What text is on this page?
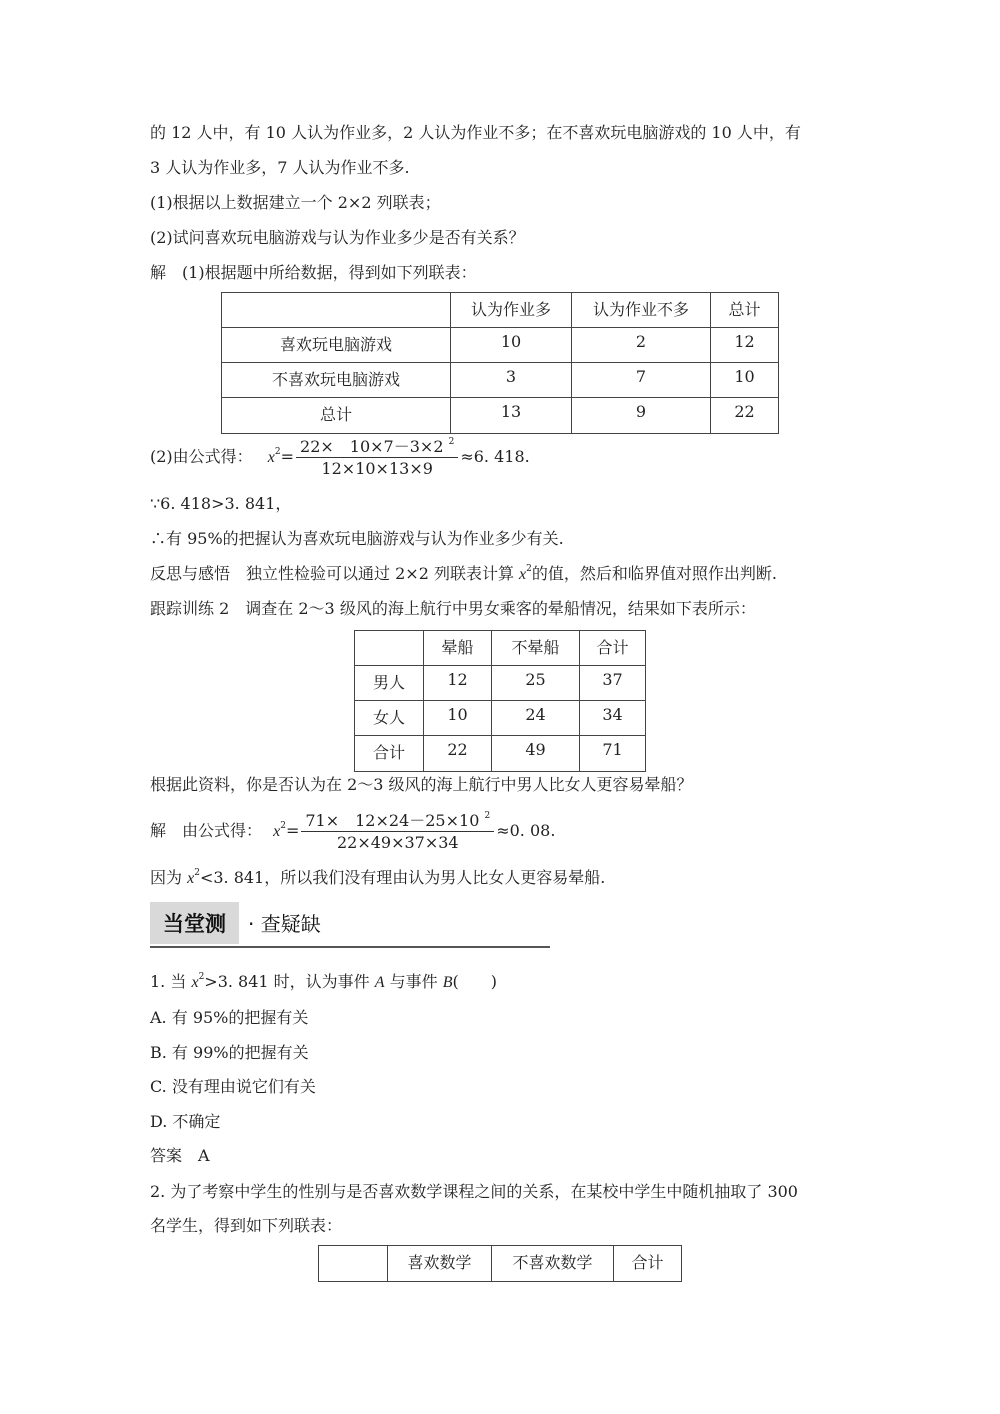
的 12 人中，有 10 人认为作业多，2 人认为作业不多；在不喜欢玩电脑游戏的 10 人中，有
3 人认为作业多，7 人认为作业不多.
(1)根据以上数据建立一个 2×2 列联表；
(2)试问喜欢玩电脑游戏与认为作业多少是否有关系？
解　(1)根据题中所给数据，得到如下列联表：
	认为作业多	认为作业不多	总计
喜欢玩电脑游戏	10	2	12
不喜欢玩电脑游戏	3	7	10
总计	13	9	22
(2)由公式得： $x^2= \frac{22\times 10\times 7-3\times 2 ^2}{12\times 10\times 13\times 9} \approx 6$. 418.
∵6. 418>3. 841，
∴有 95%的把握认为喜欢玩电脑游戏与认为作业多少有关.
反思与感悟　独立性检验可以通过 2×2 列联表计算 $x^2$的值，然后和临界值对照作出判断.
跟踪训练 2　调查在 2～3 级风的海上航行中男女乘客的晕船情况，结果如下表所示：
	晕船	不晕船	合计
男人	12	25	37
女人	10	24	34
合计	22	49	71
根据此资料，你是否认为在 2～3 级风的海上航行中男人比女人更容易晕船？
解　由公式得： $x^2= \frac{71\times 12\times 24-25\times 10 ^2}{22\times 49\times 37\times 34} \approx 0$. 08.
因为 $x^2<3$. 841，所以我们没有理由认为男人比女人更容易晕船.
当堂测	· 查疑缺
1. 当 $x^2>3$. 841 时，认为事件 A 与事件 B(　　)
A. 有 95%的把握有关
B. 有 99%的把握有关
C. 没有理由说它们有关
D. 不确定
答案　A
2. 为了考察中学生的性别与是否喜欢数学课程之间的关系，在某校中学生中随机抽取了 300
名学生，得到如下列联表：
	喜欢数学	不喜欢数学	合计
